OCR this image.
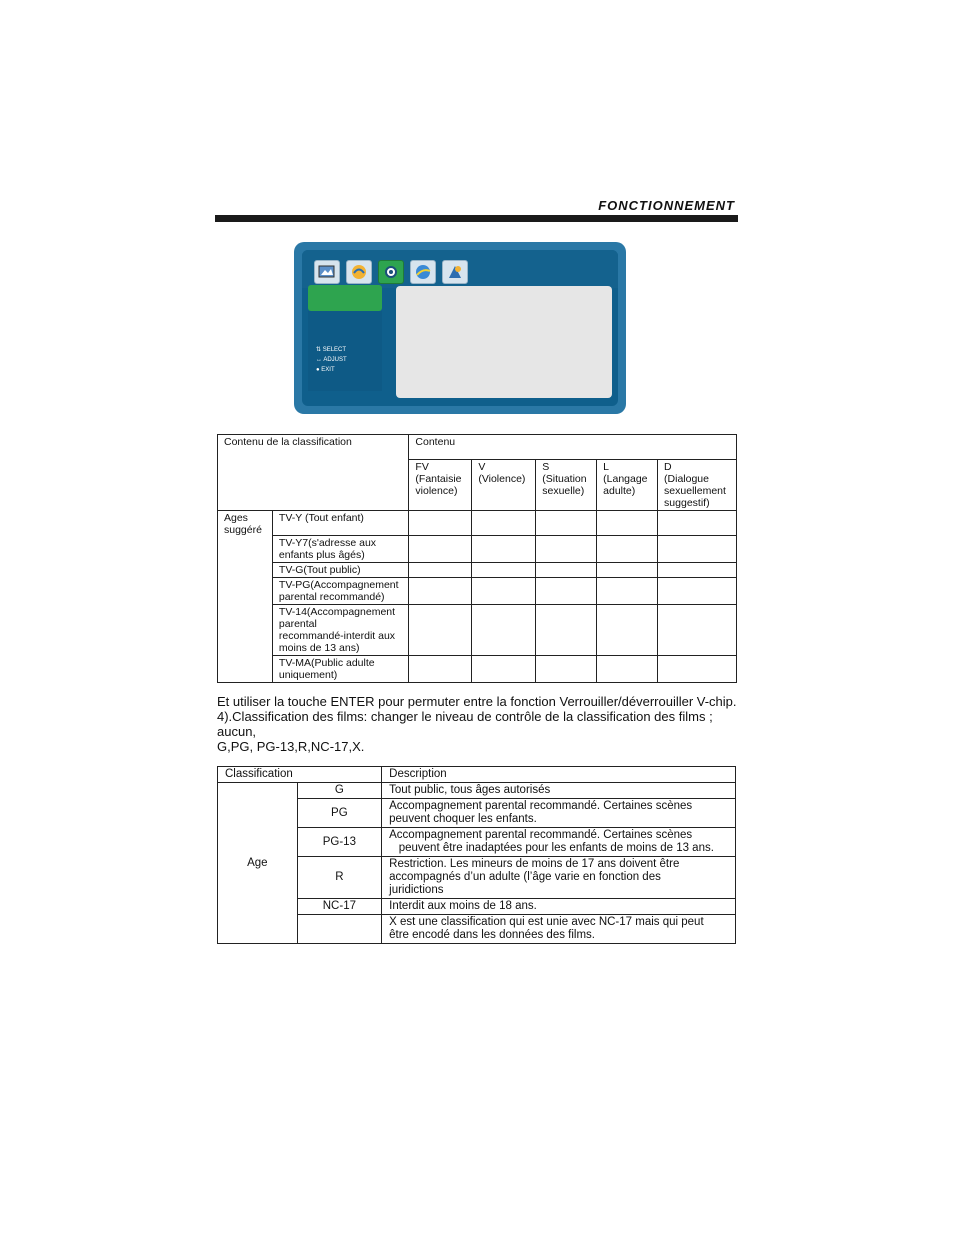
FONCTIONNEMENT
⇅ SELECT
↔ ADJUST
● EXIT
Contenu de la classification		Contenu				
		FV
(Fantaisie
violence)	V
(Violence)	S
(Situation
sexuelle)	L
(Langage
adulte)	D
(Dialogue
sexuellement
suggestif)
Ages
suggéré	TV-Y (Tout enfant)					
	TV-Y7(s'adresse aux
enfants plus âgés)					
	TV-G(Tout public)					
	TV-PG(Accompagnement
parental recommandé)					
	TV-14(Accompagnement
parental
recommandé-interdit aux
moins de 13 ans)					
	TV-MA(Public adulte
uniquement)					
Et utiliser la touche ENTER pour permuter entre la fonction Verrouiller/déverrouiller V-chip.
4).Classification des films: changer le niveau de contrôle de la classification des films ; aucun,
G,PG, PG-13,R,NC-17,X.
Classification		Description
Age	G	Tout public, tous âges autorisés
	PG	Accompagnement parental recommandé. Certaines scènes
peuvent choquer les enfants.
	PG-13	Accompagnement parental recommandé. Certaines scènes
peuvent être inadaptées pour les enfants de moins de 13 ans.
	R	Restriction. Les mineurs de moins de 17 ans doivent être
accompagnés d’un adulte (l’âge varie en fonction des
juridictions
	NC-17	Interdit aux moins de 18 ans.
		X est une classification qui est unie avec NC-17 mais qui peut
être encodé dans les données des films.
